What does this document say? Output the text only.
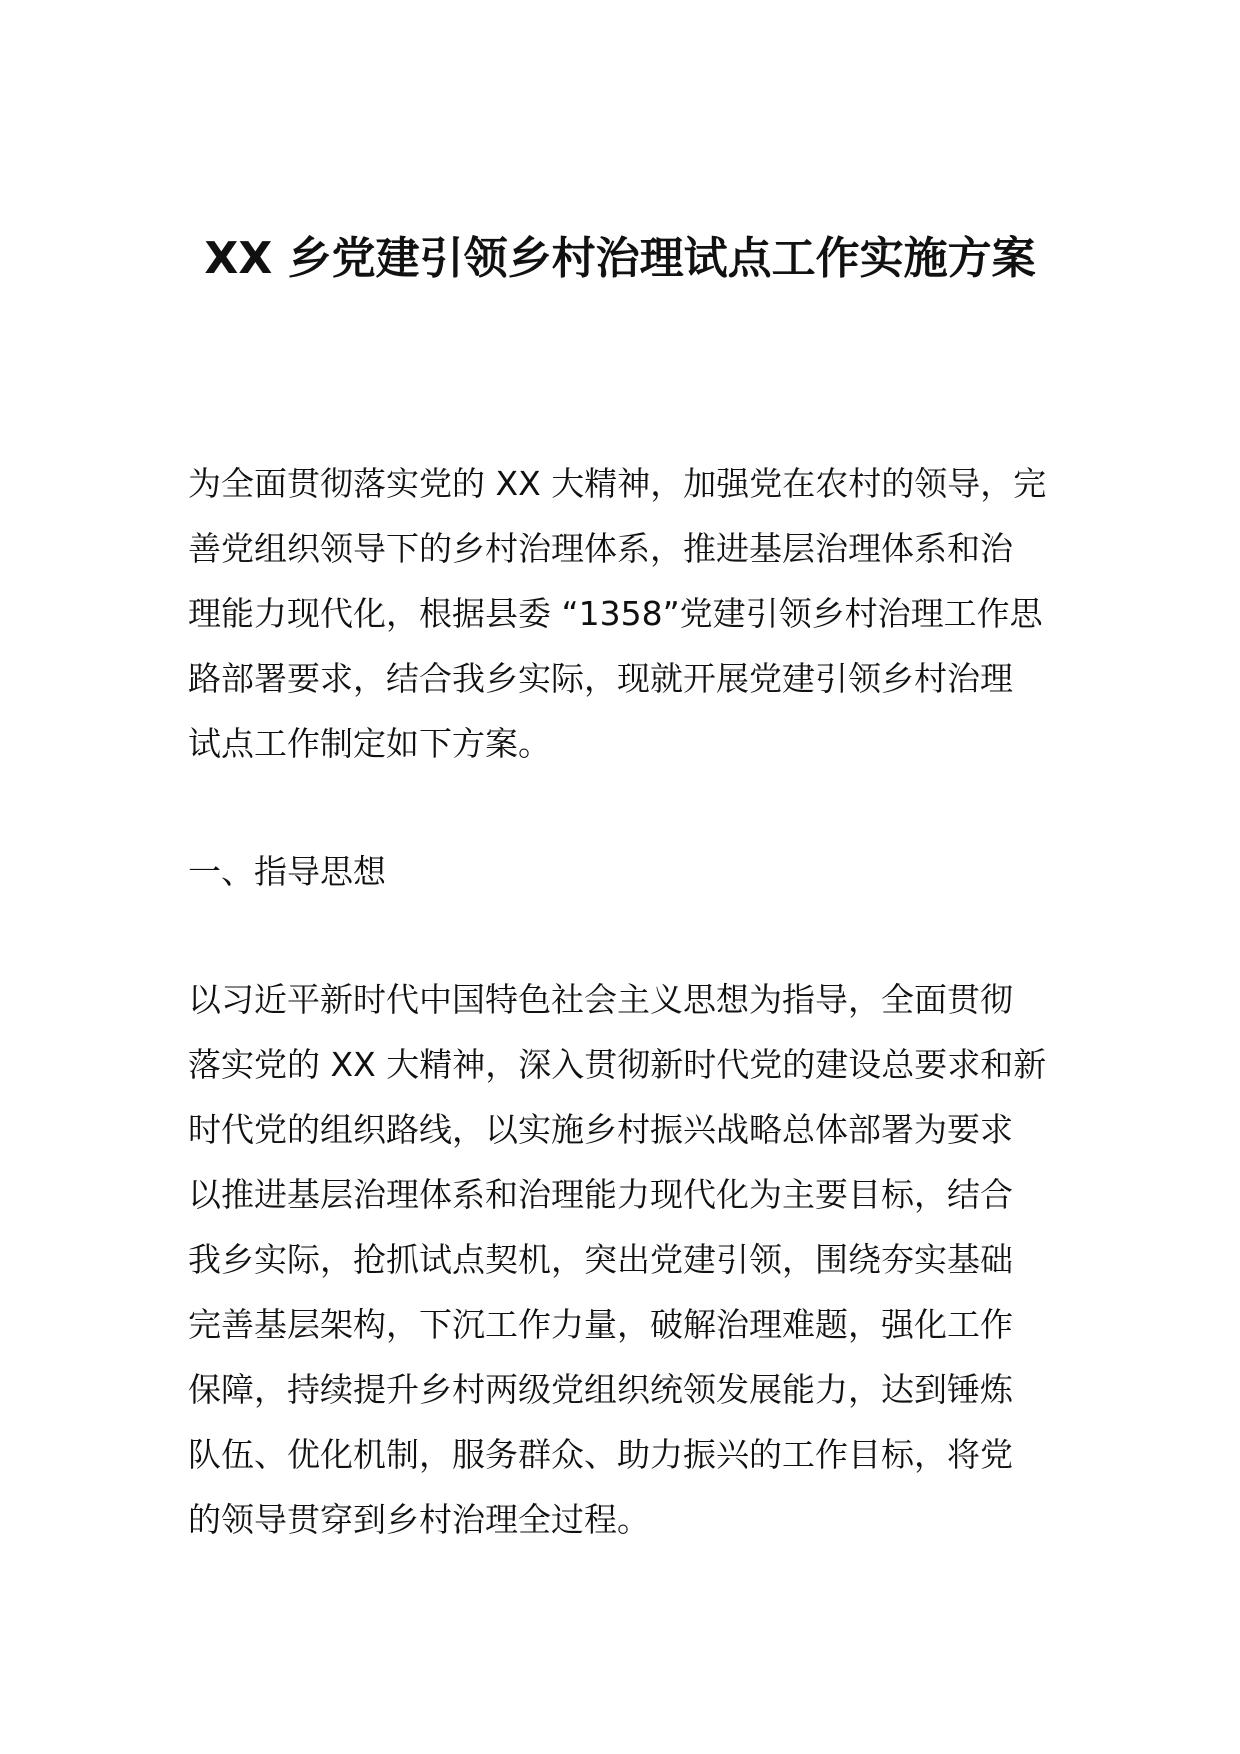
XX 乡党建引领乡村治理试点工作实施方案
为全面贯彻落实党的 XX 大精神，加强党在农村的领导，完
善党组织领导下的乡村治理体系，推进基层治理体系和治
理能力现代化，根据县委 “1358”党建引领乡村治理工作思
路部署要求，结合我乡实际，现就开展党建引领乡村治理
试点工作制定如下方案。
一、指导思想
以习近平新时代中国特色社会主义思想为指导，全面贯彻
落实党的 XX 大精神，深入贯彻新时代党的建设总要求和新
时代党的组织路线，以实施乡村振兴战略总体部署为要求
以推进基层治理体系和治理能力现代化为主要目标，结合
我乡实际，抢抓试点契机，突出党建引领，围绕夯实基础
完善基层架构，下沉工作力量，破解治理难题，强化工作
保障，持续提升乡村两级党组织统领发展能力，达到锤炼
队伍、优化机制，服务群众、助力振兴的工作目标，将党
的领导贯穿到乡村治理全过程。
